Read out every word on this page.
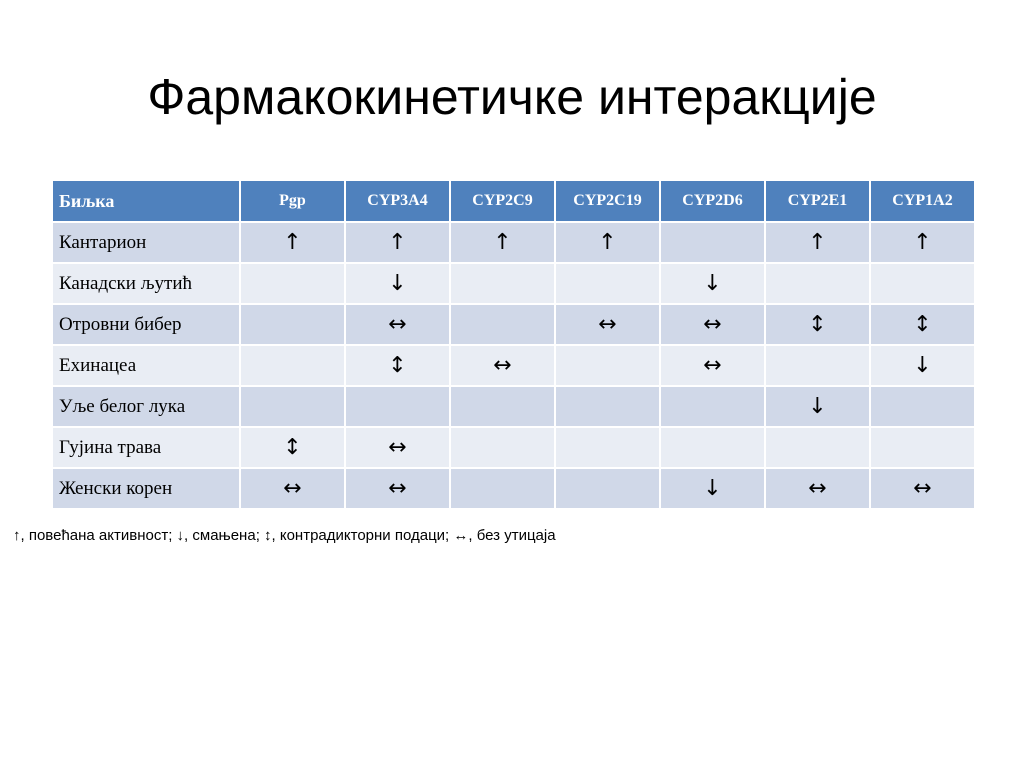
Фармакокинетичке интеракције
Биљка	Pgp	CYP3A4	CYP2C9	CYP2C19	CYP2D6	CYP2E1	CYP1A2
Кантарион	↑	↑	↑	↑		↑	↑
Канадски љутић		↓			↓		
Отровни бибер		↔		↔	↔	↕	↕
Ехинацеа		↕	↔		↔		↓
Уље белог лука						↓	
Гујина трава	↕	↔					
Женски корен	↔	↔			↓	↔	↔
↑, повећана активност; ↓, смањена; ↕, контрадикторни подаци; ↔, без утицаја
